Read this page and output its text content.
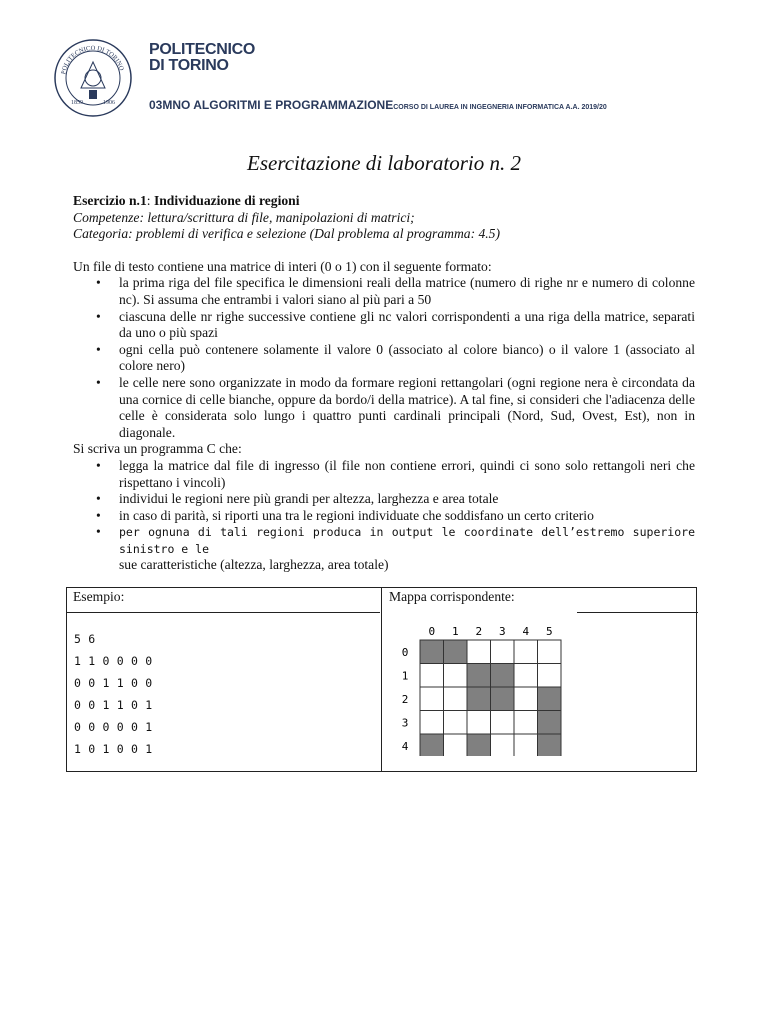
POLITECNICO DI TORINO
1859	1906
POLITECNICO
DI TORINO
03MNO ALGORITMI E PROGRAMMAZIONECORSO DI LAUREA IN INGEGNERIA INFORMATICA A.A. 2019/20
Esercitazione di laboratorio n. 2

Esercizio n.1: Individuazione di regioni

Competenze: lettura/scrittura di file, manipolazioni di matrici;

Categoria: problemi di verifica e selezione (Dal problema al programma: 4.5)

Un file di testo contiene una matrice di interi (0 o 1) con il seguente formato:

• la prima riga del file specifica le dimensioni reali della matrice (numero di righe nr e numero di colonne nc). Si assuma che entrambi i valori siano al più pari a 50
• ciascuna delle nr righe successive contiene gli nc valori corrispondenti a una riga della matrice, separati da uno o più spazi
• ogni cella può contenere solamente il valore 0 (associato al colore bianco) o il valore 1 (associato al colore nero)
• le celle nere sono organizzate in modo da formare regioni rettangolari (ogni regione nera è circondata da una cornice di celle bianche, oppure da bordo/i della matrice). A tal fine, si consideri che l'adiacenza delle celle è considerata solo lungo i quattro punti cardinali principali (Nord, Sud, Ovest, Est), non in diagonale.

Si scriva un programma C che:

• legga la matrice dal file di ingresso (il file non contiene errori, quindi ci sono solo rettangoli neri che rispettano i vincoli)
• individui le regioni nere più grandi per altezza, larghezza e area totale
• in caso di parità, si riporti una tra le regioni individuate che soddisfano un certo criterio
• per ognuna di tali regioni produca in output le coordinate dell’estremo superiore sinistro e le
sue caratteristiche (altezza, larghezza, area totale)
Esempio:	Mappa corrispondente:
5 6
1 1 0 0 0 0
0 0 1 1 0 0
0 0 1 1 0 1
0 0 0 0 0 1
1 0 1 0 0 1
0 1 2 3 4 5
0
1
2
3
4
